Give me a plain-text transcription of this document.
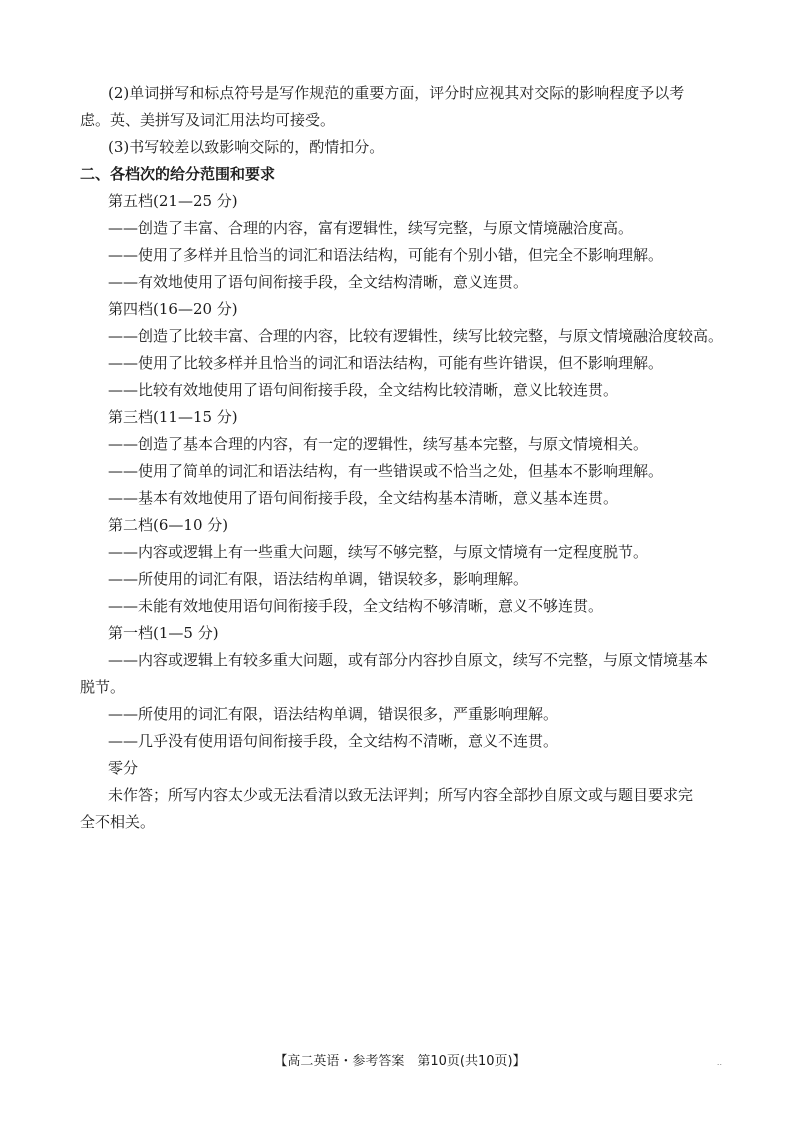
(2)单词拼写和标点符号是写作规范的重要方面，评分时应视其对交际的影响程度予以考
虑。英、美拼写及词汇用法均可接受。
(3)书写较差以致影响交际的，酌情扣分。
二、各档次的给分范围和要求
第五档(21—25 分)
——创造了丰富、合理的内容，富有逻辑性，续写完整，与原文情境融洽度高。
——使用了多样并且恰当的词汇和语法结构，可能有个别小错，但完全不影响理解。
——有效地使用了语句间衔接手段，全文结构清晰，意义连贯。
第四档(16—20 分)
——创造了比较丰富、合理的内容，比较有逻辑性，续写比较完整，与原文情境融洽度较高。
——使用了比较多样并且恰当的词汇和语法结构，可能有些许错误，但不影响理解。
——比较有效地使用了语句间衔接手段，全文结构比较清晰，意义比较连贯。
第三档(11—15 分)
——创造了基本合理的内容，有一定的逻辑性，续写基本完整，与原文情境相关。
——使用了简单的词汇和语法结构，有一些错误或不恰当之处，但基本不影响理解。
——基本有效地使用了语句间衔接手段，全文结构基本清晰，意义基本连贯。
第二档(6—10 分)
——内容或逻辑上有一些重大问题，续写不够完整，与原文情境有一定程度脱节。
——所使用的词汇有限，语法结构单调，错误较多，影响理解。
——未能有效地使用语句间衔接手段，全文结构不够清晰，意义不够连贯。
第一档(1—5 分)
——内容或逻辑上有较多重大问题，或有部分内容抄自原文，续写不完整，与原文情境基本
脱节。
——所使用的词汇有限，语法结构单调，错误很多，严重影响理解。
——几乎没有使用语句间衔接手段，全文结构不清晰，意义不连贯。
零分
未作答；所写内容太少或无法看清以致无法评判；所写内容全部抄自原文或与题目要求完
全不相关。
【高二英语・参考答案　第10页(共10页)】	..
